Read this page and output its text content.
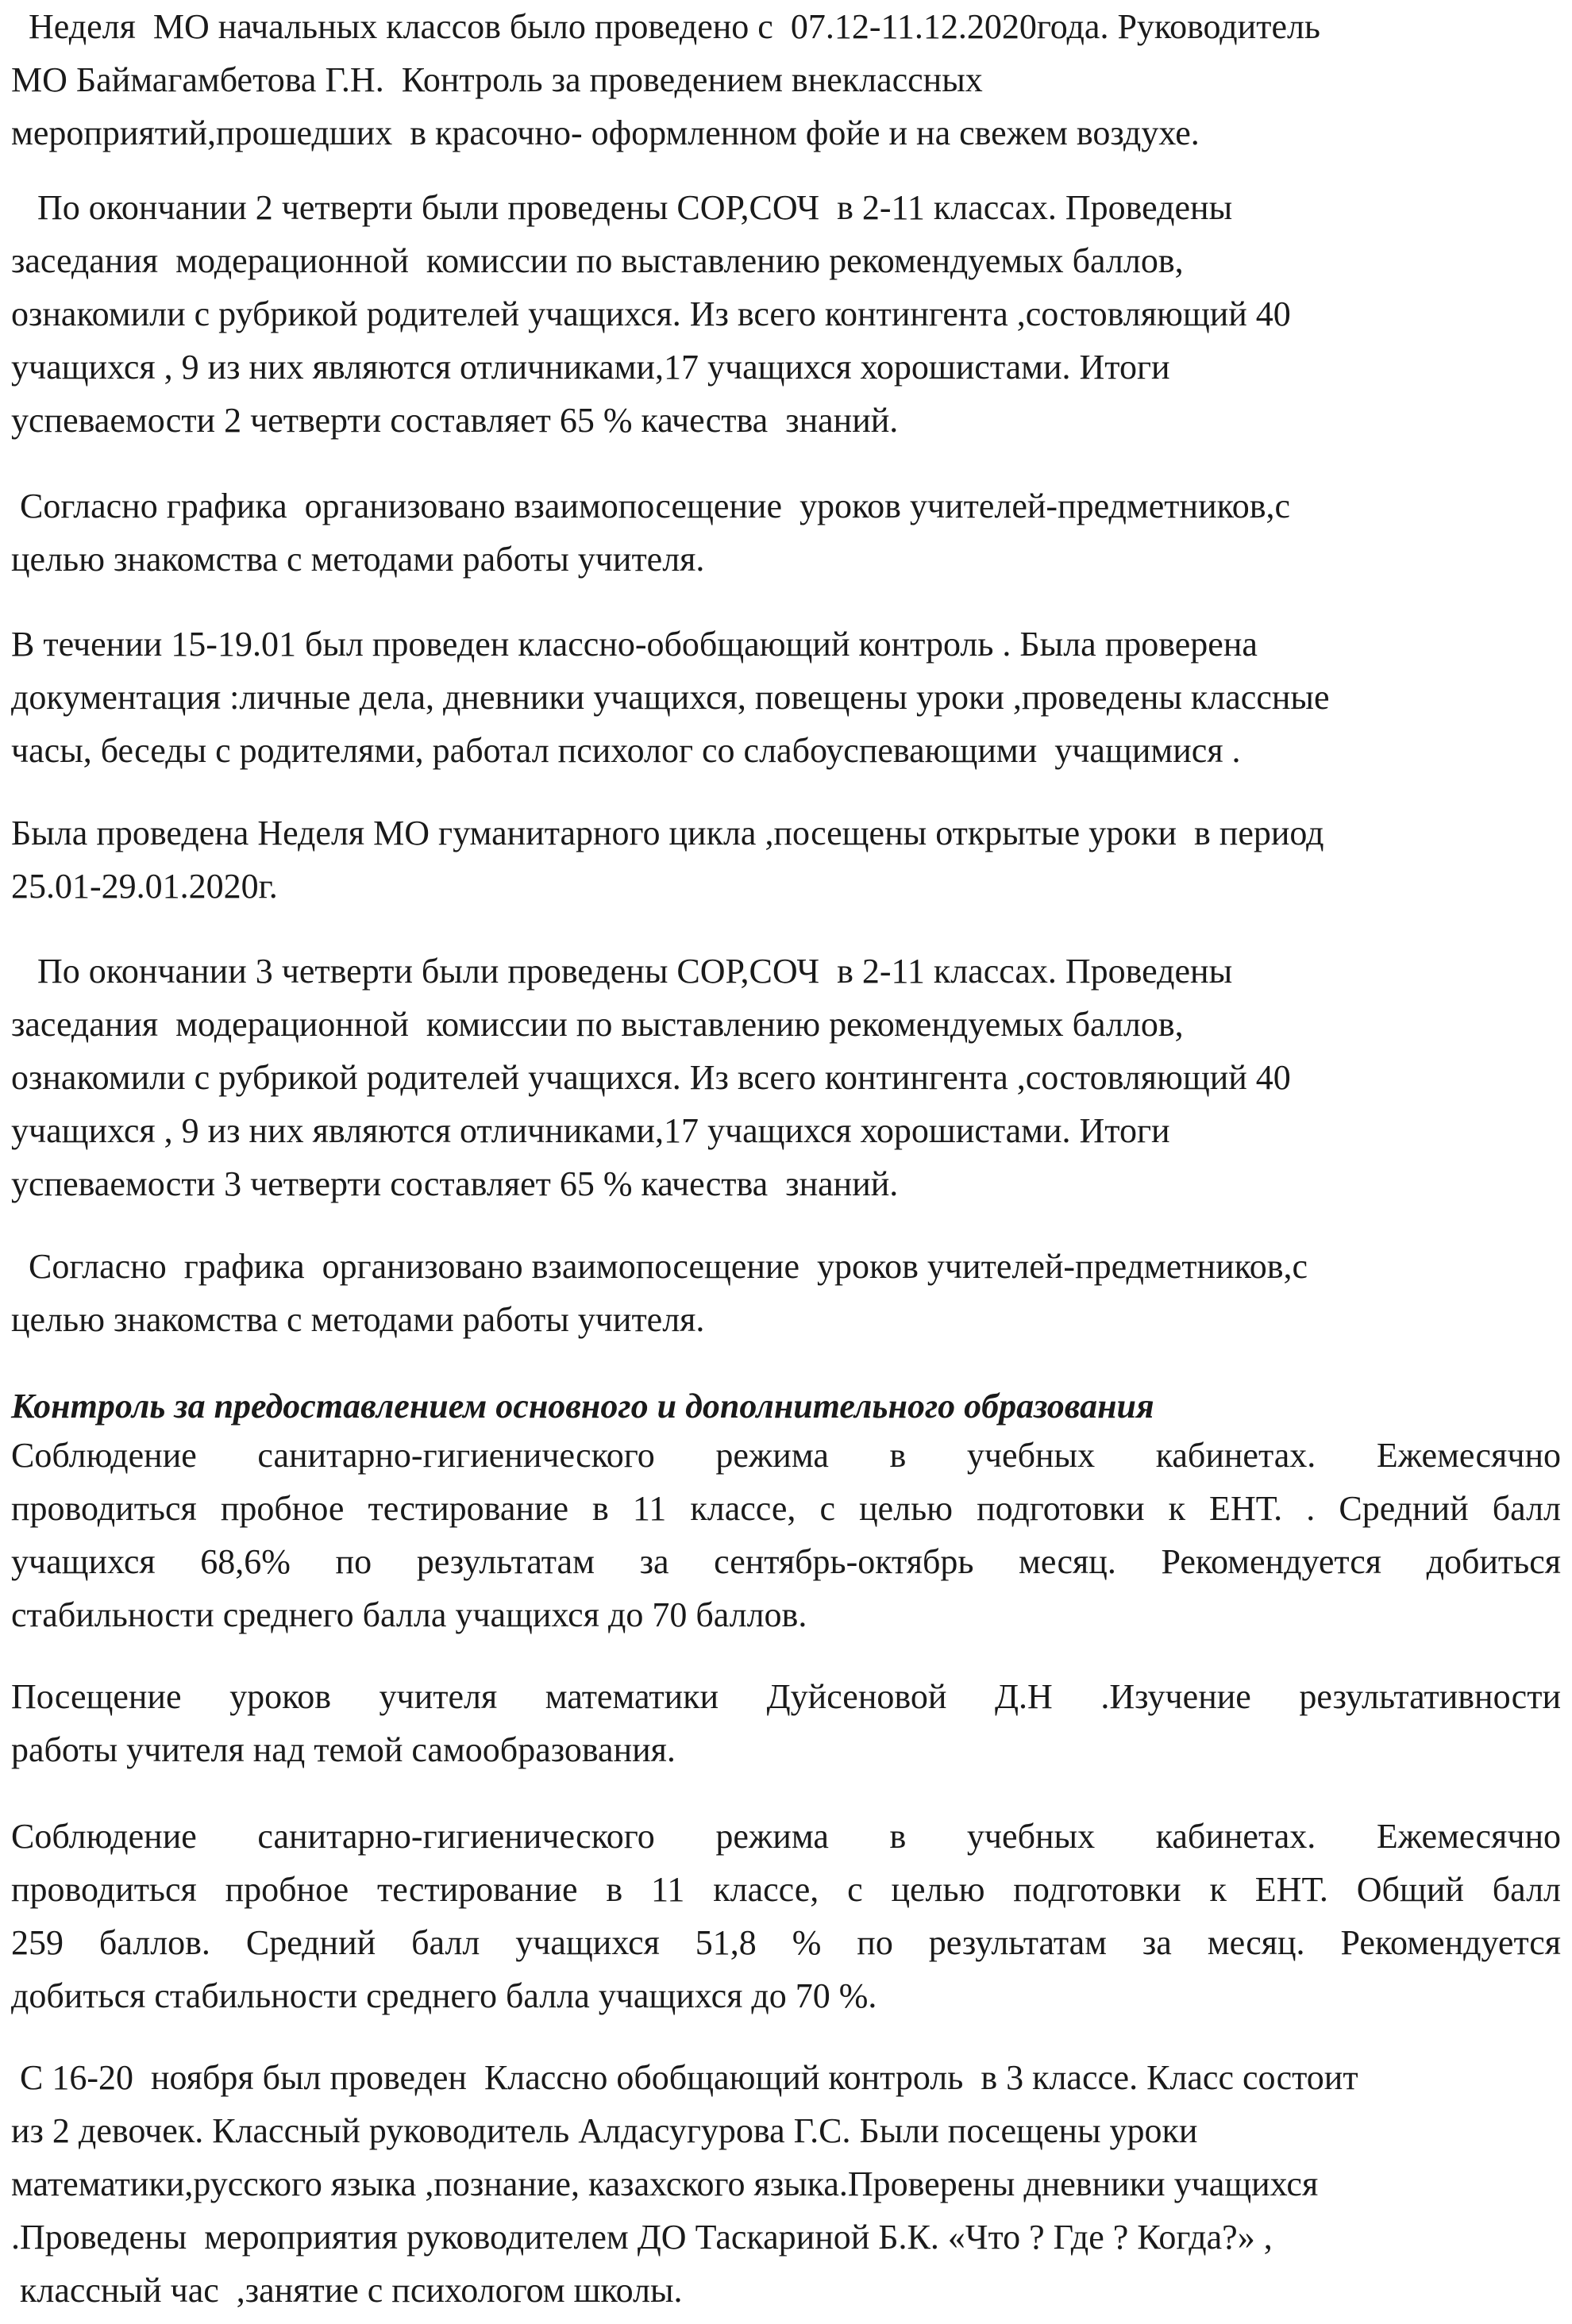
Неделя  МО начальных классов было проведено с  07.12-11.12.2020года. Руководитель
МО Баймагамбетова Г.Н.  Контроль за проведением внеклассных
мероприятий,прошедших  в красочно- оформленном фойе и на свежем воздухе.
По окончании 2 четверти были проведены СОР,СОЧ  в 2-11 классах. Проведены
заседания  модерационной  комиссии по выставлению рекомендуемых баллов,
ознакомили с рубрикой родителей учащихся. Из всего контингента ,состовляющий 40
учащихся , 9 из них являются отличниками,17 учащихся хорошистами. Итоги
успеваемости 2 четверти составляет 65 % качества  знаний.
Согласно графика  организовано взаимопосещение  уроков учителей-предметников,с
целью знакомства с методами работы учителя.
В течении 15-19.01 был проведен классно-обобщающий контроль . Была проверена
документация :личные дела, дневники учащихся, повещены уроки ,проведены классные
часы, беседы с родителями, работал психолог со слабоуспевающими  учащимися .
Была проведена Неделя МО гуманитарного цикла ,посещены открытые уроки  в период
25.01-29.01.2020г.
По окончании 3 четверти были проведены СОР,СОЧ  в 2-11 классах. Проведены
заседания  модерационной  комиссии по выставлению рекомендуемых баллов,
ознакомили с рубрикой родителей учащихся. Из всего контингента ,состовляющий 40
учащихся , 9 из них являются отличниками,17 учащихся хорошистами. Итоги
успеваемости 3 четверти составляет 65 % качества  знаний.
Согласно  графика  организовано взаимопосещение  уроков учителей-предметников,с
целью знакомства с методами работы учителя.
Контроль за предоставлением основного и дополнительного образования
Соблюдение санитарно-гигиенического режима в учебных кабинетах. Ежемесячно
проводиться пробное тестирование в 11 классе, с целью подготовки к ЕНТ. . Средний балл
учащихся 68,6% по результатам за сентябрь-октябрь месяц. Рекомендуется добиться
стабильности среднего балла учащихся до 70 баллов.
Посещение уроков учителя математики Дуйсеновой Д.Н .Изучение результативности
работы учителя над темой самообразования.
Соблюдение санитарно-гигиенического режима в учебных кабинетах. Ежемесячно
проводиться пробное тестирование в 11 классе, с целью подготовки к ЕНТ. Общий балл
259 баллов. Средний балл учащихся 51,8 % по результатам за месяц. Рекомендуется
добиться стабильности среднего балла учащихся до 70 %.
С 16-20  ноября был проведен  Классно обобщающий контроль  в 3 классе. Класс состоит
из 2 девочек. Классный руководитель Алдасугурова Г.С. Были посещены уроки
математики,русского языка ,познание, казахского языка.Проверены дневники учащихся
.Проведены  мероприятия руководителем ДО Таскариной Б.К. «Что ? Где ? Когда?» ,
классный час  ,занятие с психологом школы.
